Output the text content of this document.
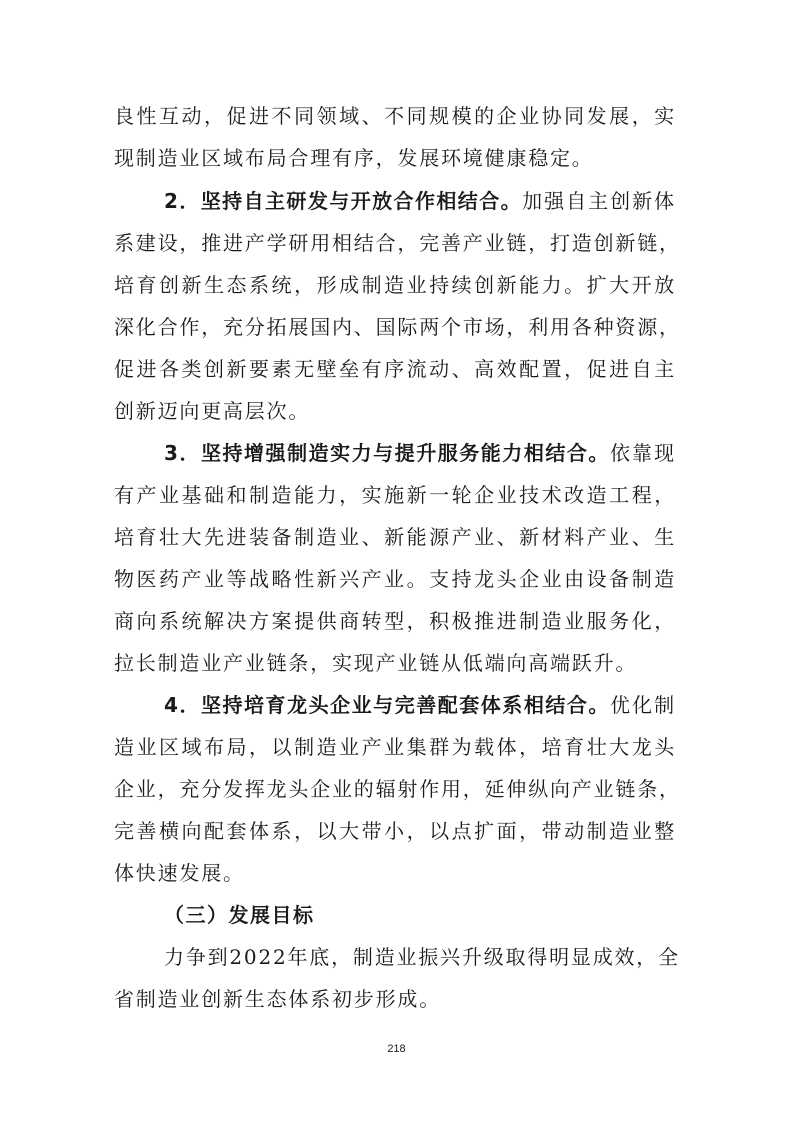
良性互动，促进不同领域、不同规模的企业协同发展，实
现制造业区域布局合理有序，发展环境健康稳定。
2．坚持自主研发与开放合作相结合。加强自主创新体
系建设，推进产学研用相结合，完善产业链，打造创新链，
培育创新生态系统，形成制造业持续创新能力。扩大开放
深化合作，充分拓展国内、国际两个市场，利用各种资源，
促进各类创新要素无壁垒有序流动、高效配置，促进自主
创新迈向更高层次。
3．坚持增强制造实力与提升服务能力相结合。依靠现
有产业基础和制造能力，实施新一轮企业技术改造工程，
培育壮大先进装备制造业、新能源产业、新材料产业、生
物医药产业等战略性新兴产业。支持龙头企业由设备制造
商向系统解决方案提供商转型，积极推进制造业服务化，
拉长制造业产业链条，实现产业链从低端向高端跃升。
4．坚持培育龙头企业与完善配套体系相结合。优化制
造业区域布局，以制造业产业集群为载体，培育壮大龙头
企业，充分发挥龙头企业的辐射作用，延伸纵向产业链条，
完善横向配套体系，以大带小，以点扩面，带动制造业整
体快速发展。
（三）发展目标
力争到2022年底，制造业振兴升级取得明显成效，全
省制造业创新生态体系初步形成。
218
